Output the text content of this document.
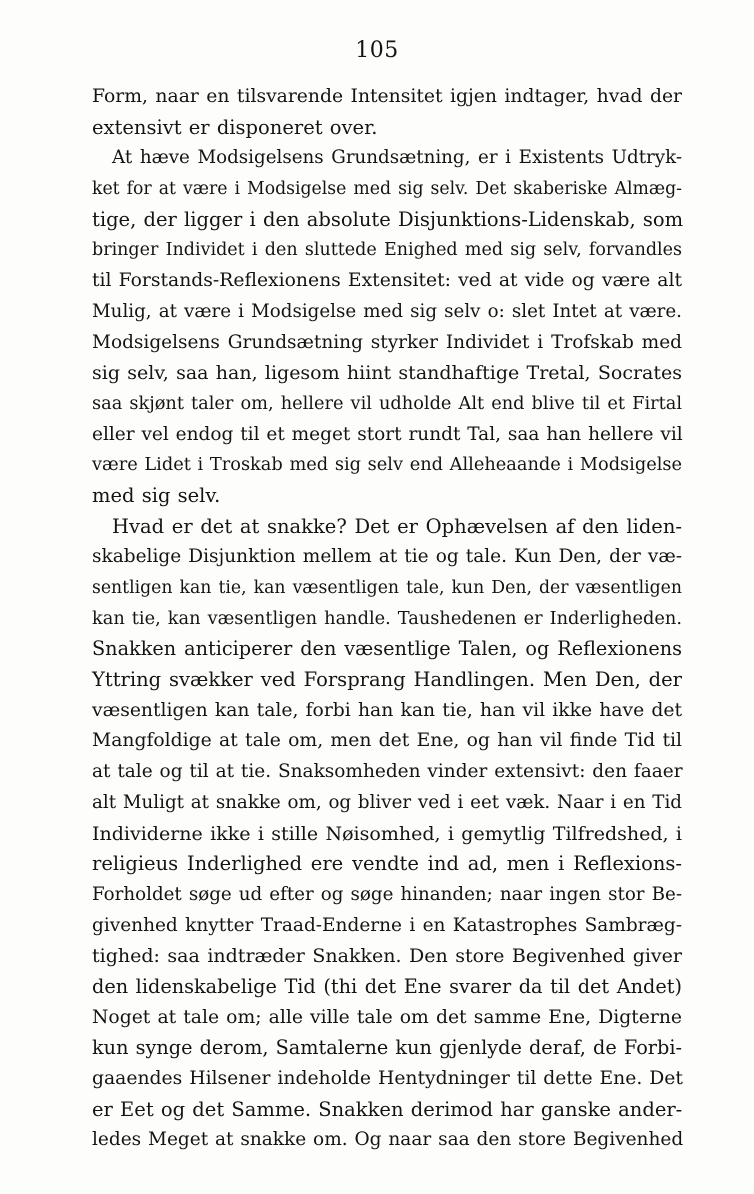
105
Form, naar en tilsvarende Intensitet igjen indtager, hvad der
extensivt er disponeret over.
At hæve Modsigelsens Grundsætning, er i Existents Udtryk-
ket for at være i Modsigelse med sig selv. Det skaberiske Almæg-
tige, der ligger i den absolute Disjunktions-Lidenskab, som
bringer Individet i den sluttede Enighed med sig selv, forvandles
til Forstands-Reflexionens Extensitet: ved at vide og være alt
Mulig, at være i Modsigelse med sig selv o: slet Intet at være.
Modsigelsens Grundsætning styrker Individet i Trofskab med
sig selv, saa han, ligesom hiint standhaftige Tretal, Socrates
saa skjønt taler om, hellere vil udholde Alt end blive til et Firtal
eller vel endog til et meget stort rundt Tal, saa han hellere vil
være Lidet i Troskab med sig selv end Alleheaande i Modsigelse
med sig selv.
Hvad er det at snakke? Det er Ophævelsen af den liden-
skabelige Disjunktion mellem at tie og tale. Kun Den, der væ-
sentligen kan tie, kan væsentligen tale, kun Den, der væsentligen
kan tie, kan væsentligen handle. Taushedenen er Inderligheden.
Snakken anticiperer den væsentlige Talen, og Reflexionens
Yttring svækker ved Forsprang Handlingen. Men Den, der
væsentligen kan tale, forbi han kan tie, han vil ikke have det
Mangfoldige at tale om, men det Ene, og han vil finde Tid til
at tale og til at tie. Snaksomheden vinder extensivt: den faaer
alt Muligt at snakke om, og bliver ved i eet væk. Naar i en Tid
Individerne ikke i stille Nøisomhed, i gemytlig Tilfredshed, i
religieus Inderlighed ere vendte ind ad, men i Reflexions-
Forholdet søge ud efter og søge hinanden; naar ingen stor Be-
givenhed knytter Traad-Enderne i en Katastrophes Sambræg-
tighed: saa indtræder Snakken. Den store Begivenhed giver
den lidenskabelige Tid (thi det Ene svarer da til det Andet)
Noget at tale om; alle ville tale om det samme Ene, Digterne
kun synge derom, Samtalerne kun gjenlyde deraf, de Forbi-
gaaendes Hilsener indeholde Hentydninger til dette Ene. Det
er Eet og det Samme. Snakken derimod har ganske ander-
ledes Meget at snakke om. Og naar saa den store Begivenhed
